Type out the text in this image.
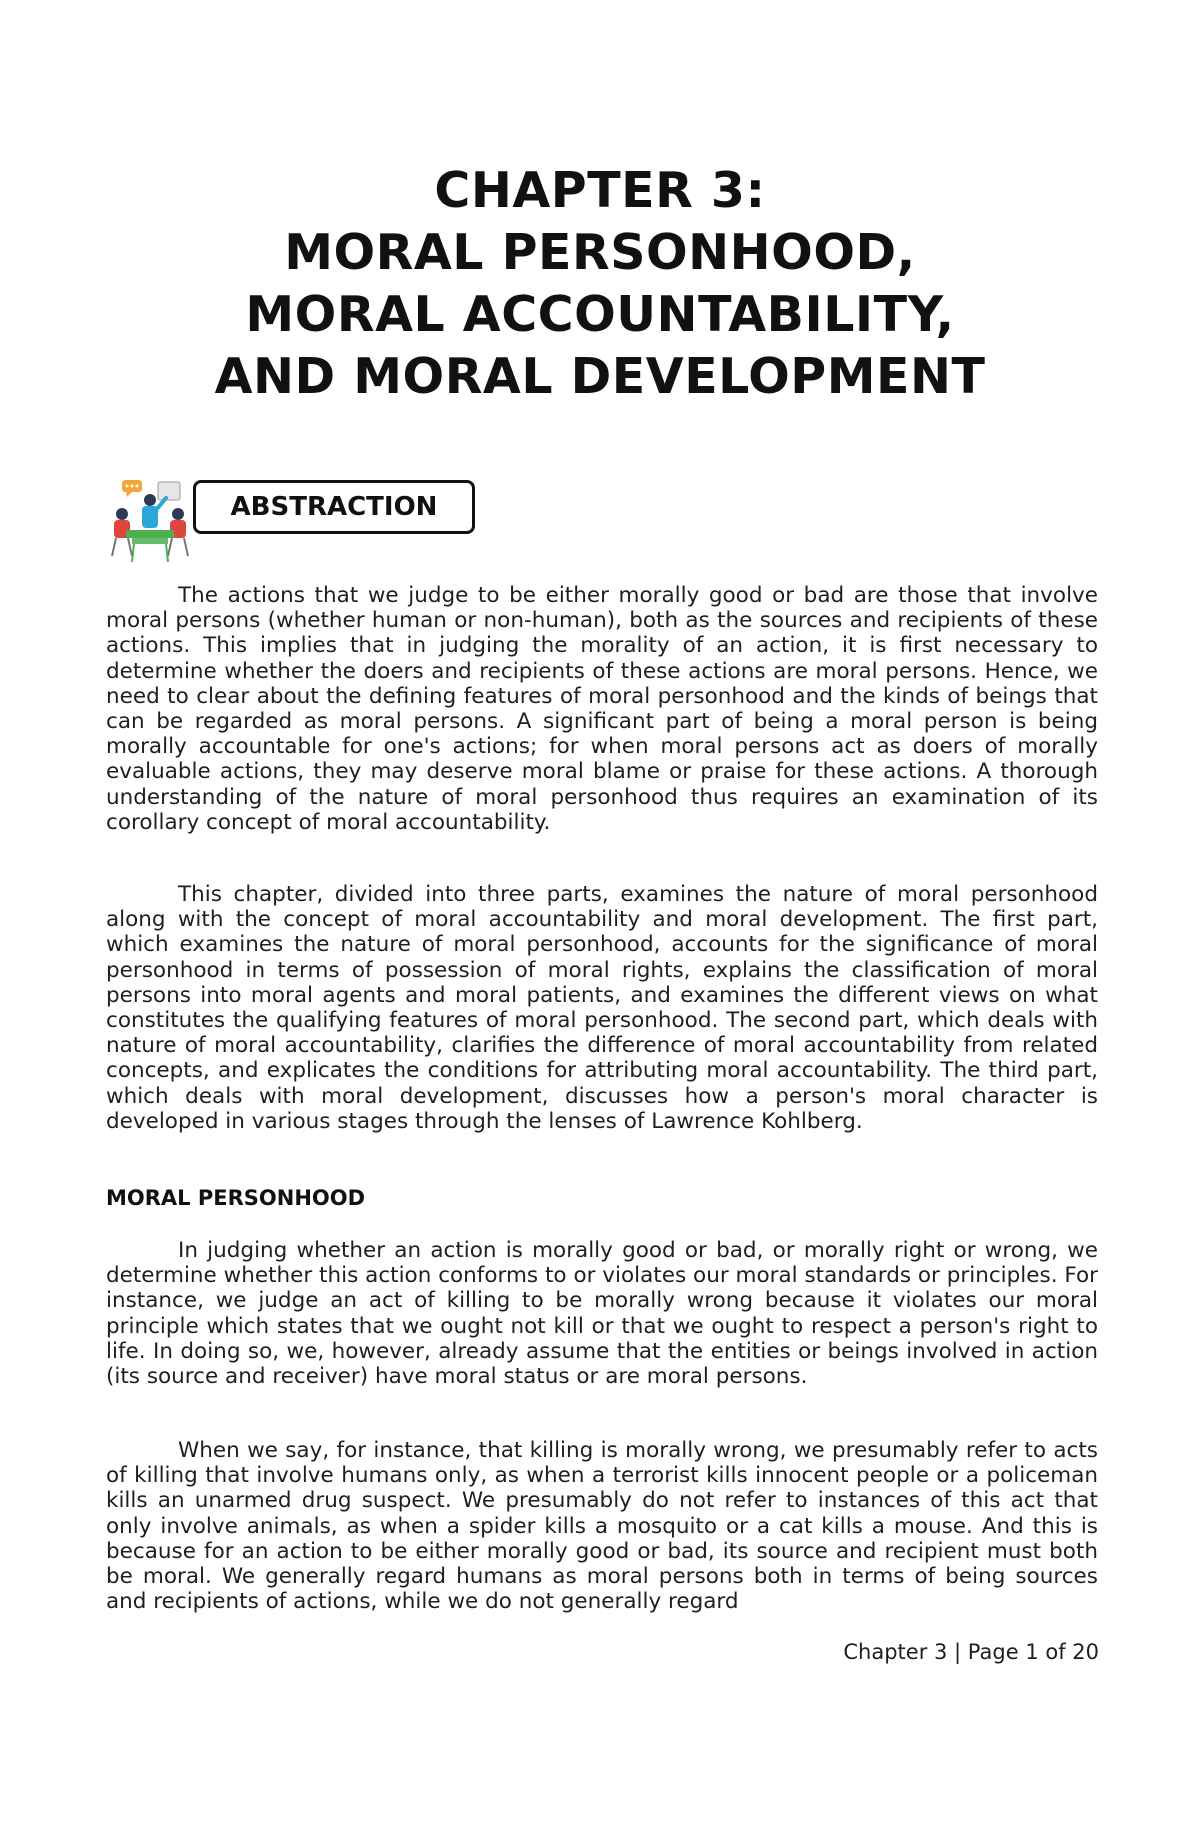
CHAPTER 3:
MORAL PERSONHOOD,
MORAL ACCOUNTABILITY,
AND MORAL DEVELOPMENT
ABSTRACTION

The actions that we judge to be either morally good or bad are those that involve moral persons (whether human or non-human), both as the sources and recipients of these actions. This implies that in judging the morality of an action, it is first necessary to determine whether the doers and recipients of these actions are moral persons. Hence, we need to clear about the defining features of moral personhood and the kinds of beings that can be regarded as moral persons. A significant part of being a moral person is being morally accountable for one's actions; for when moral persons act as doers of morally evaluable actions, they may deserve moral blame or praise for these actions. A thorough understanding of the nature of moral personhood thus requires an examination of its corollary concept of moral accountability.

This chapter, divided into three parts, examines the nature of moral personhood along with the concept of moral accountability and moral development. The first part, which examines the nature of moral personhood, accounts for the significance of moral personhood in terms of possession of moral rights, explains the classification of moral persons into moral agents and moral patients, and examines the different views on what constitutes the qualifying features of moral personhood. The second part, which deals with nature of moral accountability, clarifies the difference of moral accountability from related concepts, and explicates the conditions for attributing moral accountability. The third part, which deals with moral development, discusses how a person's moral character is developed in various stages through the lenses of Lawrence Kohlberg.

MORAL PERSONHOOD

In judging whether an action is morally good or bad, or morally right or wrong, we determine whether this action conforms to or violates our moral standards or principles. For instance, we judge an act of killing to be morally wrong because it violates our moral principle which states that we ought not kill or that we ought to respect a person's right to life. In doing so, we, however, already assume that the entities or beings involved in action (its source and receiver) have moral status or are moral persons.

When we say, for instance, that killing is morally wrong, we presumably refer to acts of killing that involve humans only, as when a terrorist kills innocent people or a policeman kills an unarmed drug suspect. We presumably do not refer to instances of this act that only involve animals, as when a spider kills a mosquito or a cat kills a mouse. And this is because for an action to be either morally good or bad, its source and recipient must both be moral. We generally regard humans as moral persons both in terms of being sources and recipients of actions, while we do not generally regard

Chapter 3 | Page 1 of 20
